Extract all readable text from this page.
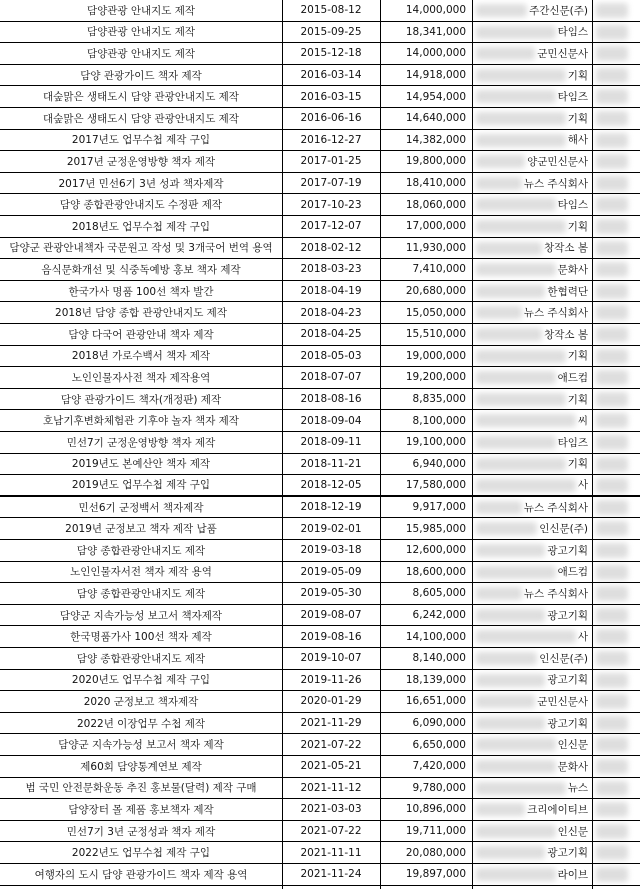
담양관광 안내지도 제작	2015-08-12	14,000,000	주간신문(주)
담양관광 안내지도 제작	2015-09-25	18,341,000	타임스
담양관광 안내지도 제작	2015-12-18	14,000,000	군민신문사
담양 관광가이드 책자 제작	2016-03-14	14,918,000	기획
대숲맑은 생태도시 담양 관광안내지도 제작	2016-03-15	14,954,000	타임즈
대숲맑은 생태도시 담양 관광안내지도 제작	2016-06-16	14,640,000	기획
2017년도 업무수첩 제작 구입	2016-12-27	14,382,000	해사
2017년 군정운영방향 책자 제작	2017-01-25	19,800,000	양군민신문사
2017년 민선6기 3년 성과 책자제작	2017-07-19	18,410,000	뉴스 주식회사
담양 종합관광안내지도 수정판 제작	2017-10-23	18,060,000	타임스
2018년도 업무수첩 제작 구입	2017-12-07	17,000,000	기획
담양군 관광안내책자 국문원고 작성 및 3개국어 번역 용역	2018-02-12	11,930,000	창작소 봄
음식문화개선 및 식중독예방 홍보 책자 제작	2018-03-23	7,410,000	문화사
한국가사 명품 100선 책자 발간	2018-04-19	20,680,000	한협력단
2018년 담양 종합 관광안내지도 제작	2018-04-23	15,050,000	뉴스 주식회사
담양 다국어 관광안내 책자 제작	2018-04-25	15,510,000	창작소 봄
2018년 가로수백서 책자 제작	2018-05-03	19,000,000	기획
노인인물자사전 책자 제작용역	2018-07-07	19,200,000	애드컴
담양 관광가이드 책자(개정판) 제작	2018-08-16	8,835,000	기획
호남기후변화체험관 기후야 놀자 책자 제작	2018-09-04	8,100,000	씨
민선7기 군정운영방향 책자 제작	2018-09-11	19,100,000	타임즈
2019년도 본예산안 책자 제작	2018-11-21	6,940,000	기획
2019년도 업무수첩 제작 구입	2018-12-05	17,580,000	사
민선6기 군정백서 책자제작	2018-12-19	9,917,000	뉴스 주식회사
2019년 군정보고 책자 제작 납품	2019-02-01	15,985,000	인신문(주)
담양 종합관광안내지도 제작	2019-03-18	12,600,000	광고기획
노인인물자서전 책자 제작 용역	2019-05-09	18,600,000	애드컴
담양 종합관광안내지도 제작	2019-05-30	8,605,000	뉴스 주식회사
담양군 지속가능성 보고서 책자제작	2019-08-07	6,242,000	광고기획
한국명품가사 100선 책자 제작	2019-08-16	14,100,000	사
담양 종합관광안내지도 제작	2019-10-07	8,140,000	인신문(주)
2020년도 업무수첩 제작 구입	2019-11-26	18,139,000	광고기획
2020 군정보고 책자제작	2020-01-29	16,651,000	군민신문사
2022년 이장업무 수첩 제작	2021-11-29	6,090,000	광고기획
담양군 지속가능성 보고서 책자 제작	2021-07-22	6,650,000	인신문
제60회 담양통계연보 제작	2021-05-21	7,420,000	문화사
범 국민 안전문화운동 추진 홍보물(달력) 제작 구매	2021-11-12	9,780,000	뉴스
담양장터 몰 제품 홍보책자 제작	2021-03-03	10,896,000	크리에이티브
민선7기 3년 군정성과 책자 제작	2021-07-22	19,711,000	인신문
2022년도 업무수첩 제작 구입	2021-11-11	20,080,000	광고기획
여행자의 도시 담양 관광가이드 책자 제작 용역	2021-11-24	19,897,000	라이브
